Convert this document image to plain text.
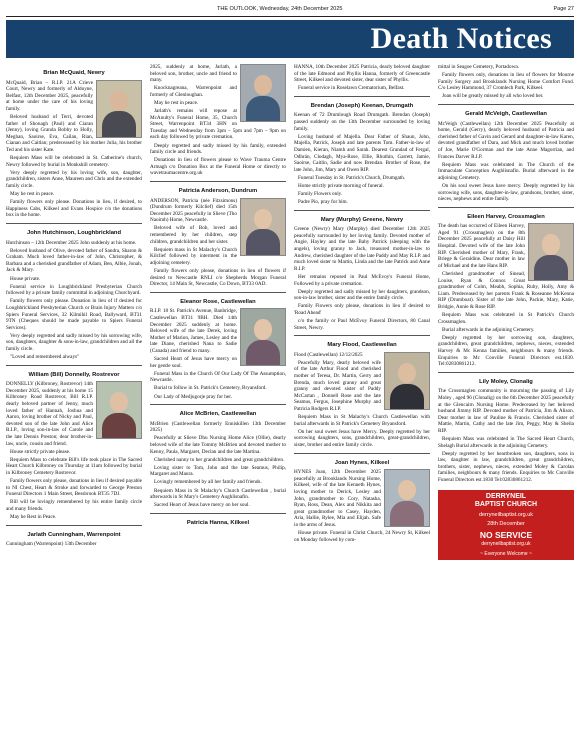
THE OUTLOOK, Wednesday, 24th December 2025	Page 27
Death Notices
Brian McQuaid, Newry

McQuaid, Brian – R.I.P. 21A Crieve Court, Newry and formerly of Aldoyne, Belfast, 12th December 2025, peacefully at home under the care of his loving family.

Beloved husband of Terri, devoted father of Shonagh (Paul) and Ciaran (Jenny), loving Granda Bobby to Holly, Meghan, Saoirse, Eva, Cailan, Rian, Cianan and Caitlan; predeceased by his mother Julia, his brother Ted and his sister Kate.

Requiem Mass will be celebrated in St. Catherine's church, Newry followed by burial in Monkshill cemetery.

Very deeply regretted by his loving wife, son, daughter, grandchildren, sisters Anne, Maureen and Chris and the extended family circle.

May he rest in peace.

Family flowers only please. Donations in lieu, if desired, to Happiness Cabs, Kilkeel and Evans Hospice c/o the donations box in the home.

John Hutchinson, Loughbrickland

Hutchinson – 12th December 2025 John suddenly at his home.

Beloved husband of Olive, devoted father of Sandra, Sharon & Graham. Much loved father-in-law of John, Christopher, & Barbara and a cherished grandfather of Adam, Ben, Albie, Jonah, Jack & Mary.

House private.

Funeral service in Loughbrickland Presbyterian Church followed by a private family committal in adjoining Churchyard.

Family flowers only please. Donation in lieu of if desired for Loughbrickland Presbyterian Church or Brain Injury Matters c/o Spiers Funeral Services, 32 Kilmihil Road, Ballyward, BT31 9TN (Cheques should be made payable to Spiers Funeral Services).

Very deeply regretted and sadly missed by his sorrowing wife, son, daughters, daughter & sons-in-law, grandchildren and all the family circle.

"Loved and remembered always"

William (Bill) Donnelly, Rostrevor

DONNELLY (Kilbroney, Rostrevor) 14th December 2025, suddenly at his home 15 Kilbroney Road Rostrevor, Bill R.I.P. dearly beloved partner of Jenny, much loved father of Hannah, Joshua and Aaron, loving brother of Nicky and Paul, devoted son of the late John and Alice R.I.P., loving son-in-law of Carole and the late Dennis Preston; dear brother-in-law, uncle, cousin and friend.

House strictly private please.

Requiem Mass to celebrate Bill's life took place in The Sacred Heart Church Kilbroney on Thursday at 11am followed by burial in Kilbroney Cemetery Rostrevor.

Family flowers only please, donations in lieu if desired payable to NI Chest, Heart & Stroke and forwarded to George Preston Funeral Directors 1 Main Street, Bessbrook BT35 7DJ.

Bill will be lovingly remembered by his entire family circle and many friends.

May he Rest in Peace.

Jarlath Cunningham, Warrenpoint

Cunningham (Warrenpoint) 13th December

2025, suddenly at home, Jarlath, a beloved son, brother, uncle and friend to many.

Knocknagreana, Warrenpoint and formerly of Glenloughan.

May he rest in peace.

Jarlath's remains will repose at McAnulty's Funeral Home, 35, Church Street, Warrenpoint BT34 3HN on Tuesday and Wednesday from 3pm – 5pm and 7pm – 9pm on each day followed by private cremation.

Deeply regretted and sadly missed by his family, extended family circle and friends.

Donations in lieu of flowers please to Wave Trauma Centre Armagh c/o Donation Box at the Funeral Home or directly to wavetraumacentre.org.uk

Patricia Anderson, Dundrum

ANDERSON, Patricia (née Fitzsimons) (Dundrum formerly Kilclief) died 15th December 2025 peacefully in Slieve (Tho Naoimh) Home, Newcastle.

Beloved wife of Bob, loved and remembered by her children, step children, grandchildren and her sister.

Requiem mass in St Malachy's Church Kilclief followed by interment in the adjoining cemetery.

Family flowers only please, donations in lieu of flowers if desired to Newcastle RNLI c/o Shepherds Morgan Funeral Director, 14 Main St, Newcastle, Co Down, BT33 0AD.

Eleanor Rose, Castlewellan

R.I.P. 18 St. Patrick's Avenue, Banbridge, Castlewellan BT31 9BH. Died 14th December 2025 suddenly at home. Beloved wife of the late Derek, loving Mother of Marion, James, Lesley and the late Diane, cherished Nana to Sadie (Canada) and friend to many.

Sacred Heart of Jesus have mercy on her gentle soul.

Funeral Mass in the Church Of Our Lady Of The Assumption, Newcastle.

Burial to follow in St. Patrick's Cemetery, Bryansford.

Our Lady of Medjugorje pray for her.

Alice McBrien, Castlewellan

McBrien (Castlewellan formerly Enniskillen 13th December 2025)

Peacefully at Slieve Dhu Nursing Home Alice (Ollie), dearly beloved wife of the late Tommy McBrien and devoted mother to Kenny, Paula, Margaret, Declan and the late Martina.

Cherished nanny to her grandchildren and great grandchildren.

Loving sister to Tom, John and the late Seamus, Philip, Margaret and Maura.

Lovingly remembered by all her family and friends.

Requiem Mass in St Malachy's Church Castlewellan , burial afterwards in St Mary's Cemetery Aughlisnafin.

Sacred Heart of Jesus have mercy on her soul.

Patricia Hanna, Kilkeel

HANNA, 10th December 2025 Patricia, dearly beloved daughter of the late Edmond and Phyllis Hanna, formerly of Greencastle Street, Kilkeel and devoted sister, dear sister of Phyllis.

Funeral service in Roselawn Crematorium, Belfast.

Brendan (Joseph) Keenan, Drumgath

Keenan of 72 Drumlough Road Drumgath. Brendan (Joseph) passed suddenly on the 13th December surrounded by loving family.

Loving husband of Majella. Dear Father of Shaun, John, Majella, Patrick, Joseph and late parents Tom. Father-in-law of Damien, Kieran, Niamh and Sarah. Dearest Grandad of Fergal, Odhrán, Clodagh, Mya-Rose, Ellie, Rhuthin, Garrett, Jamie, Saoirse, Caitlin, Sadie and now Brendan. Brother of Rose, the late John, Jim, Mary and Owen RIP.

Funeral Tuesday in St. Patrick's Church, Drumgath.

Home strictly private morning of funeral.

Family Flowers only.

Padre Pio, pray for him.

Mary (Murphy) Greene, Newry

Greene (Newry) Mary (Murphy) died December 12th 2025 peacefully surrounded by her loving family. Devoted mother of Angie, Hayley and the late Baby Patrick (sleeping with the angels), loving granny to Jack, treasured mother-in-law to Andrew, cherished daughter of the late Paddy and May R.I.P. and much loved sister to Martin, Linda and the late Patrick and Anne R.I.P.

Her remains reposed in Paul McEvoy's Funeral Home, Followed by a private cremation.

Deeply regretted and sadly missed by her daughters, grandson, son-in-law brother, sister and the entire family circle.

Family Flowers only please, donations in lieu if desired to 'Road Ahead'

c/o the family or Paul McEvoy Funeral Directors, 80 Canal Street, Newry.

Mary Flood, Castlewellan

Flood (Castlewellan) 12/12/2025

Peacefully Mary, dearly beloved wife of the late Arthur Flood and cherished mother of Teresa, Dr. Martin, Gerry and Brenda, much loved granny and great granny and devoted sister of Paddy McCartan , Donnell Rose and the late Seamus, Fergus, Josephine Murphy and Patricia Rodgers R.I.P.

Requiem Mass in St Malachy's Church Castlewellan with burial afterwards in St Patrick's Cemetery Bryansford.

On her soul sweet Jesus have Mercy. Deeply regretted by her sorrowing daughters, sons, grandchildren, great-grandchildren, sister, brother and entire family circle.

Joan Hynes, Kilkeel

HYNES Joan, 12th December 2025 peacefully at Brooklands Nursing Home, Kilkeel, wife of the late Kenneth Hynes, loving mother to Derick, Lesley and John, grandmother to Cory, Natasha, Ryan, Ross, Dean, Alex and Nikkita and great grandmother to Casey, Hayden, Aria, Hallie, Rylee, Mia and Elijah. Safe in the arms of Jesus.

House private. Funeral in Christ Church, 24 Newry St, Kilkeel on Monday followed by com-

mittal in Seagoe Cemetery, Portadown.

Family flowers only, donations in lieu of flowers for Mourne Family Surgery and Brooklands Nursing Home Comfort Fund. C/o Lesley Hammond, 37 Cromlech Park, Kilkeel.

Joan will be greatly missed by all who loved her.

Gerald McVeigh, Castlewellan

McVeigh (Castlewellan) 12th December 2025 Peacefully at home, Gerald (Gerry), dearly beloved husband of Patricia and cherished father of Gavin and Gerard and daughter-in-law Karen, devoted grandfather of Dara, and Mick and much loved brother of Joe, Marie O'Gorman and the late Anne Magorrian, and Frances Darver R.I.P.

Requiem Mass was celebrated in The Church of the Immaculate Conception Aughlisnafin. Burial afterward in the adjoining Cemetery.

On his soul sweet Jesus have mercy. Deeply regretted by his sorrowing wife, sons, daughter-in-law, grandsons, brother, sister, nieces, nephews and entire family.

Eileen Harvey, Crossmaglen

The death has occurred of Eileen Harvey, Aged 91 (Crossmaglen) on the 8th December 2025 peacefully at Daisy Hill Hospital. Devoted wife of the late John RIP. Cherished mother of Mary, Frank, Briege & Geraldine. Dear mother in law of Michael and the late Hans RIP.

Cherished grandmother of Sinead, Louise, Ryan & Connor. Great grandmother of Colm, Meabh, Sophia, Ruby, Holly, Amy & Liam. Predeceased by her parents Frank & Roseanne McKenna RIP (Drumboat). Sister of the late John, Packie, Mary, Katie, Bridgie, Annie & Rose RIP.

Requiem Mass was celebrated in St Patrick's Church Crossmaglen.

Burial afterwards in the adjoining Cemetery.

Deeply regretted by her sorrowing son, daughters, grandchildren, great grandchildren, nephews, nieces, extended Harvey & Mc Kenna families, neighbours & many friends. Enquiries to Mc Conville Funeral Directors est.1830. Tel:02830861212.

Lily Moley, Clonalig

The Crossmaglen community is mourning the passing of Lily Moley , aged 96 (Clonalig) on the 6th December 2025 peacefully at the Glencairn Nursing Home. Predeceased by her beloved husband Jimmy RIP. Devoted mother of Patricia, Jim & Alison. Dear mother in law of Pauline & Francis. Cherished sister of Mattie, Martin, Cathy and the late Jim, Peggy, May & Sheila RIP.

Requiem Mass was celebrated in The Sacred Heart Church, Shelagh Burial afterwards in the adjoining Cemetery.

Deeply regretted by her heartbroken son, daughters, sons in law, daughter in law, grandchildren, great grandchildren, brothers, sister, nephews, nieces, extended Moley & Carolan families, neighbours & many friends. Enquiries to Mc Conville Funeral Directors est.1830 Tel:02830861212.

DERRYNEIL
BAPTIST CHURCH
derryneilbaptist.org.uk
28th December
NO SERVICE
derryneilbaptist.org.uk
~ Everyone Welcome ~
